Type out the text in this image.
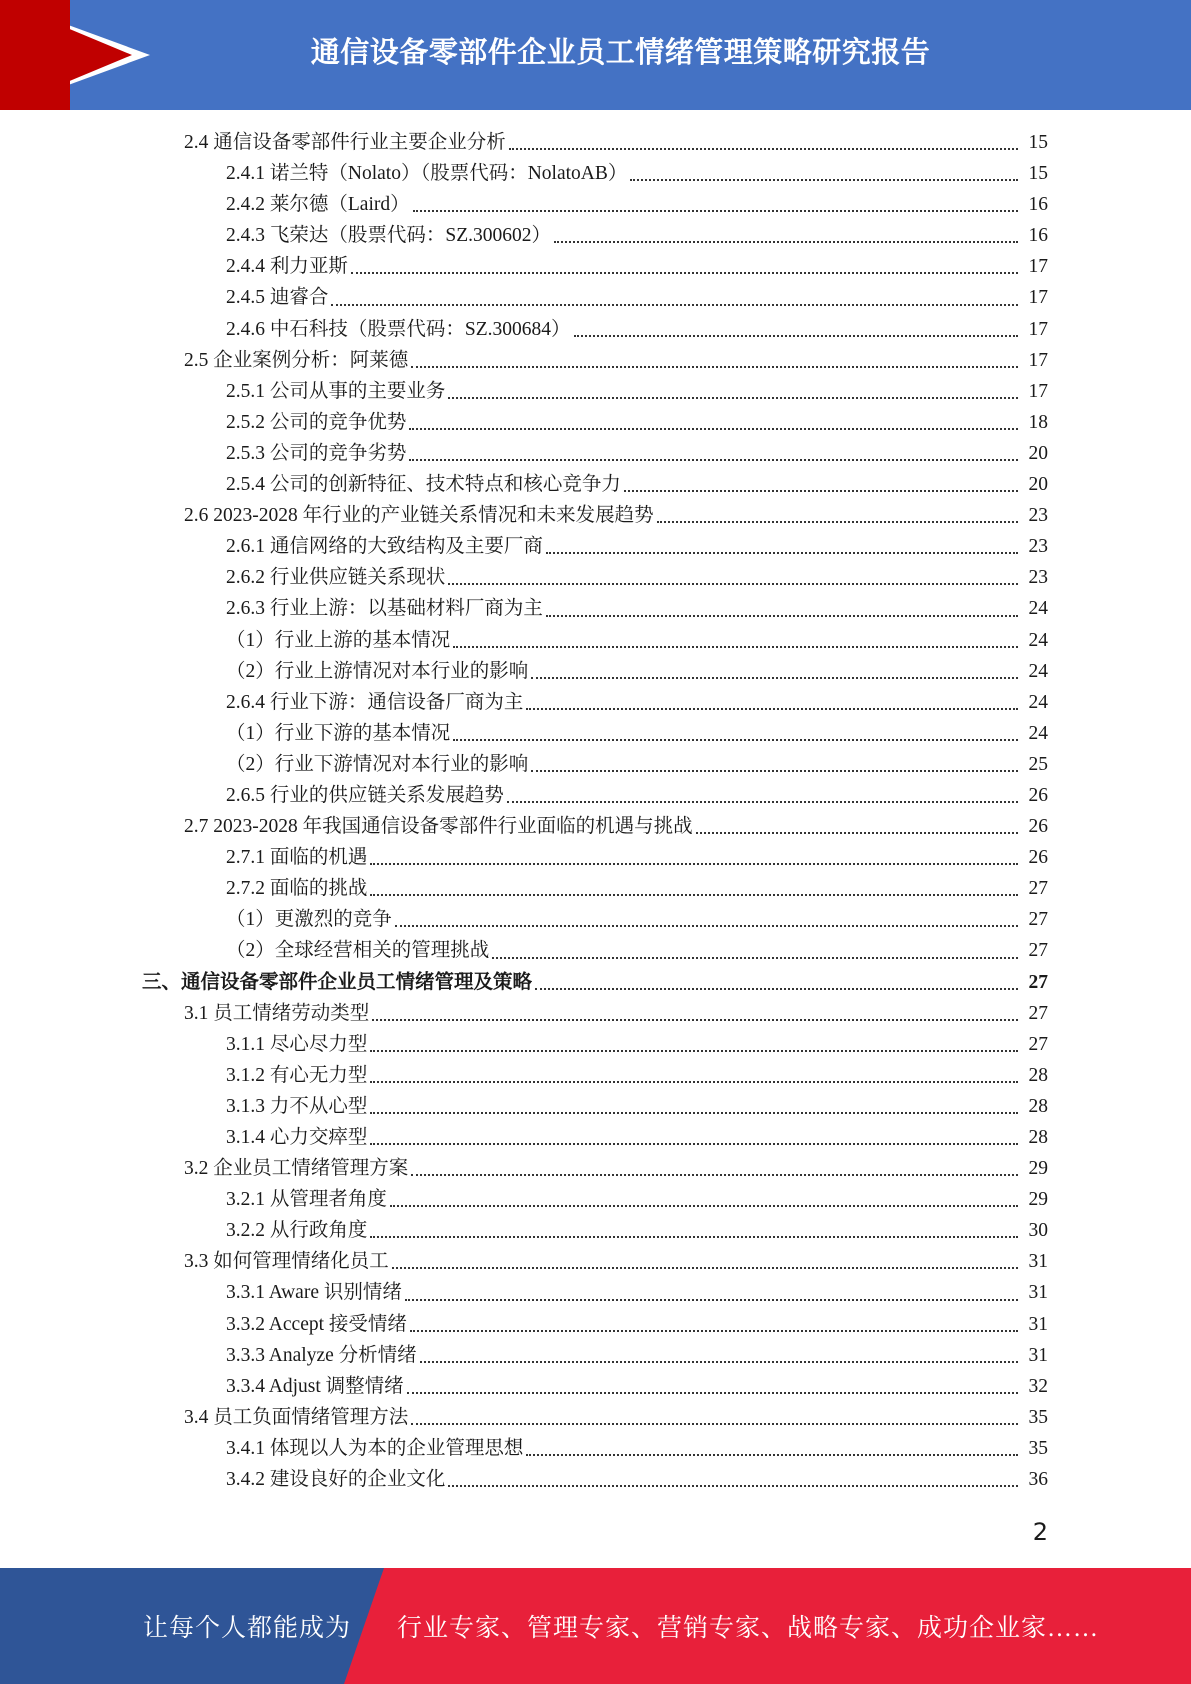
通信设备零部件企业员工情绪管理策略研究报告
2.4 通信设备零部件行业主要企业分析	15
2.4.1 诺兰特（Nolato）（股票代码：NolatoAB）	15
2.4.2 莱尔德（Laird）	16
2.4.3 飞荣达（股票代码：SZ.300602）	16
2.4.4 利力亚斯	17
2.4.5 迪睿合	17
2.4.6 中石科技（股票代码：SZ.300684）	17
2.5 企业案例分析：阿莱德	17
2.5.1 公司从事的主要业务	17
2.5.2 公司的竞争优势	18
2.5.3 公司的竞争劣势	20
2.5.4 公司的创新特征、技术特点和核心竞争力	20
2.6 2023-2028 年行业的产业链关系情况和未来发展趋势	23
2.6.1 通信网络的大致结构及主要厂商	23
2.6.2 行业供应链关系现状	23
2.6.3 行业上游：以基础材料厂商为主	24
（1）行业上游的基本情况	24
（2）行业上游情况对本行业的影响	24
2.6.4 行业下游：通信设备厂商为主	24
（1）行业下游的基本情况	24
（2）行业下游情况对本行业的影响	25
2.6.5 行业的供应链关系发展趋势	26
2.7 2023-2028 年我国通信设备零部件行业面临的机遇与挑战	26
2.7.1 面临的机遇	26
2.7.2 面临的挑战	27
（1）更激烈的竞争	27
（2）全球经营相关的管理挑战	27
三、通信设备零部件企业员工情绪管理及策略	27
3.1 员工情绪劳动类型	27
3.1.1 尽心尽力型	27
3.1.2 有心无力型	28
3.1.3 力不从心型	28
3.1.4 心力交瘁型	28
3.2 企业员工情绪管理方案	29
3.2.1 从管理者角度	29
3.2.2 从行政角度	30
3.3 如何管理情绪化员工	31
3.3.1 Aware 识别情绪	31
3.3.2 Accept 接受情绪	31
3.3.3 Analyze 分析情绪	31
3.3.4 Adjust 调整情绪	32
3.4 员工负面情绪管理方法	35
3.4.1 体现以人为本的企业管理思想	35
3.4.2 建设良好的企业文化	36
2
让每个人都能成为 行业专家、管理专家、营销专家、战略专家、成功企业家……
